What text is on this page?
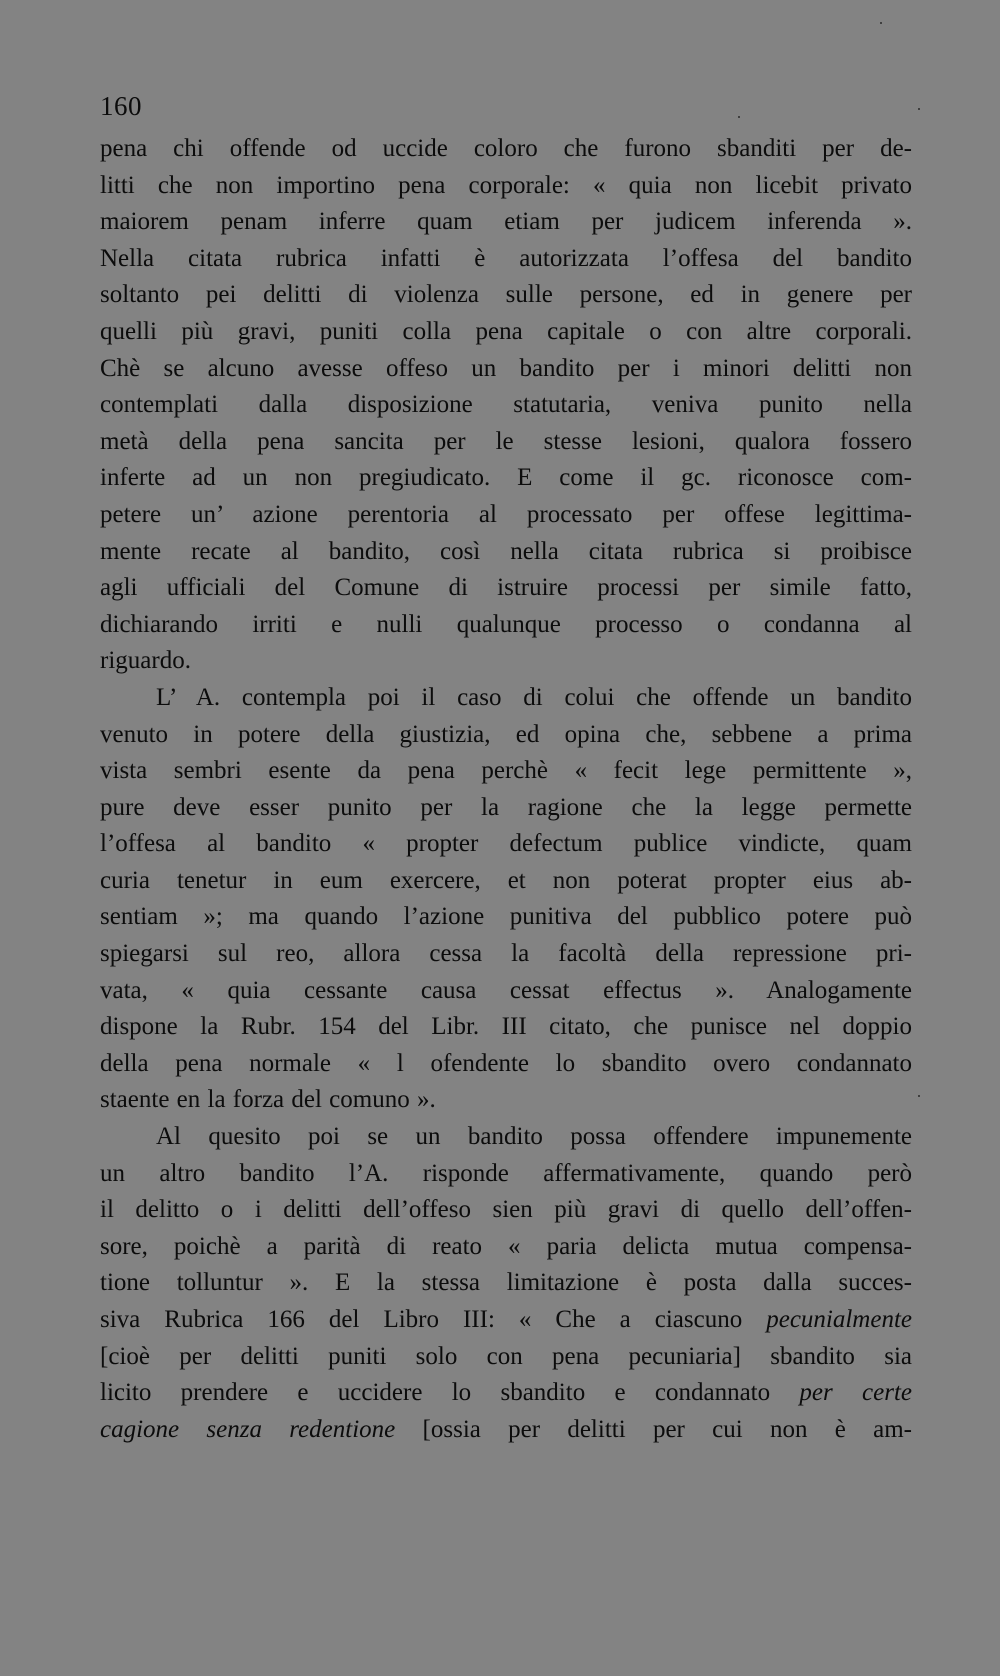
160
pena chi offende od uccide coloro che furono sbanditi per de-
litti che non importino pena corporale: « quia non licebit privato
maiorem penam inferre quam etiam per judicem inferenda ».
Nella citata rubrica infatti è autorizzata l’offesa del bandito
soltanto pei delitti di violenza sulle persone, ed in genere per
quelli più gravi, puniti colla pena capitale o con altre corporali.
Chè se alcuno avesse offeso un bandito per i minori delitti non
contemplati dalla disposizione statutaria, veniva punito nella
metà della pena sancita per le stesse lesioni, qualora fossero
inferte ad un non pregiudicato. E come il gc. riconosce com-
petere un’ azione perentoria al processato per offese legittima-
mente recate al bandito, così nella citata rubrica si proibisce
agli ufficiali del Comune di istruire processi per simile fatto,
dichiarando irriti e nulli qualunque processo o condanna al
riguardo.
L’ A. contempla poi il caso di colui che offende un bandito
venuto in potere della giustizia, ed opina che, sebbene a prima
vista sembri esente da pena perchè « fecit lege permittente »,
pure deve esser punito per la ragione che la legge permette
l’offesa al bandito « propter defectum publice vindicte, quam
curia tenetur in eum exercere, et non poterat propter eius ab-
sentiam »; ma quando l’azione punitiva del pubblico potere può
spiegarsi sul reo, allora cessa la facoltà della repressione pri-
vata, « quia cessante causa cessat effectus ». Analogamente
dispone la Rubr. 154 del Libr. III citato, che punisce nel doppio
della pena normale « l ofendente lo sbandito overo condannato
staente en la forza del comuno ».
Al quesito poi se un bandito possa offendere impunemente
un altro bandito l’A. risponde affermativamente, quando però
il delitto o i delitti dell’offeso sien più gravi di quello dell’offen-
sore, poichè a parità di reato « paria delicta mutua compensa-
tione tolluntur ». E la stessa limitazione è posta dalla succes-
siva Rubrica 166 del Libro III: « Che a ciascuno pecunialmente
[cioè per delitti puniti solo con pena pecuniaria] sbandito sia
licito prendere e uccidere lo sbandito e condannato per certe
cagione senza redentione [ossia per delitti per cui non è am-
